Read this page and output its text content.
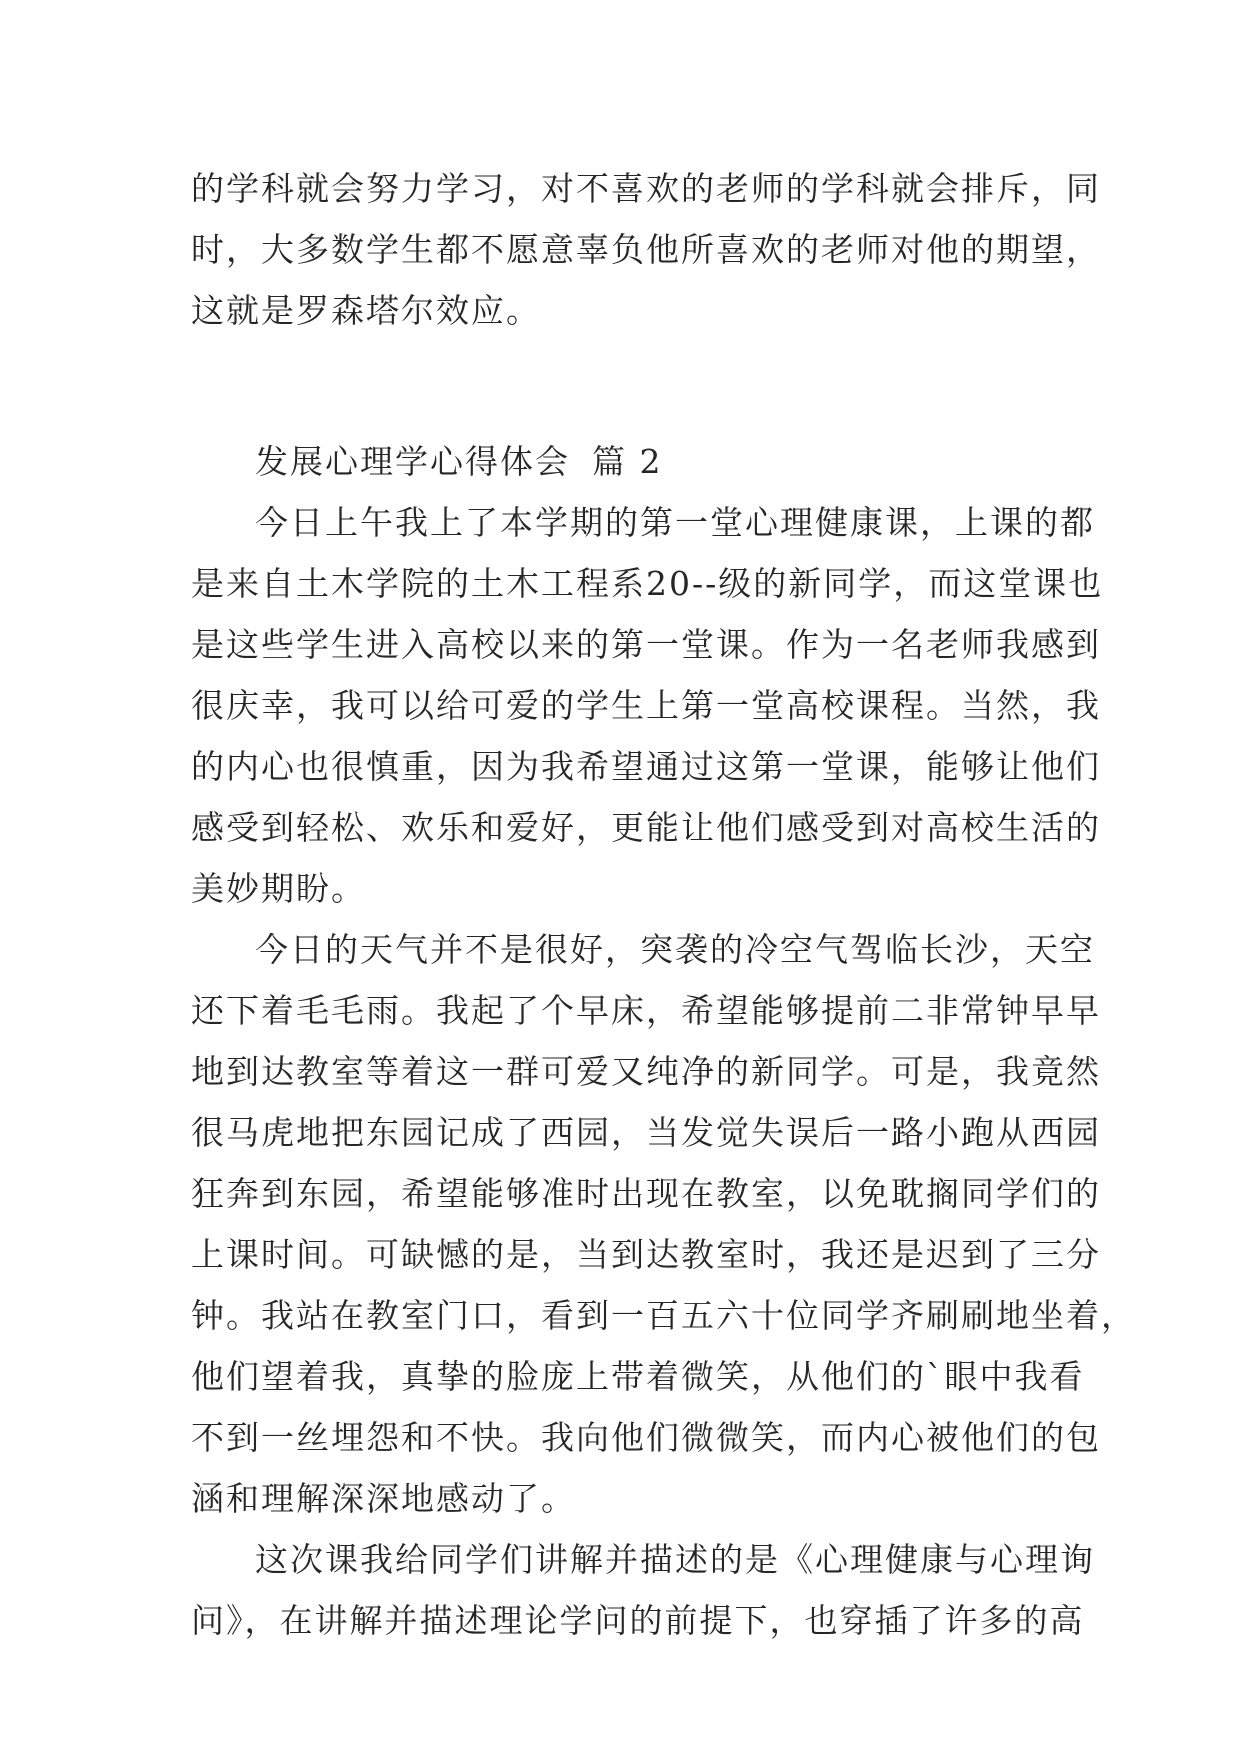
的学科就会努力学习，对不喜欢的老师的学科就会排斥，同
时，大多数学生都不愿意辜负他所喜欢的老师对他的期望，
这就是罗森塔尔效应。
发展心理学心得体会 篇 2
今日上午我上了本学期的第一堂心理健康课，上课的都
是来自土木学院的土木工程系20--级的新同学，而这堂课也
是这些学生进入高校以来的第一堂课。作为一名老师我感到
很庆幸，我可以给可爱的学生上第一堂高校课程。当然，我
的内心也很慎重，因为我希望通过这第一堂课，能够让他们
感受到轻松、欢乐和爱好，更能让他们感受到对高校生活的
美妙期盼。
今日的天气并不是很好，突袭的冷空气驾临长沙，天空
还下着毛毛雨。我起了个早床，希望能够提前二非常钟早早
地到达教室等着这一群可爱又纯净的新同学。可是，我竟然
很马虎地把东园记成了西园，当发觉失误后一路小跑从西园
狂奔到东园，希望能够准时出现在教室，以免耽搁同学们的
上课时间。可缺憾的是，当到达教室时，我还是迟到了三分
钟。我站在教室门口，看到一百五六十位同学齐刷刷地坐着，
他们望着我，真挚的脸庞上带着微笑，从他们的`眼中我看
不到一丝埋怨和不快。我向他们微微笑，而内心被他们的包
涵和理解深深地感动了。
这次课我给同学们讲解并描述的是《心理健康与心理询
问》，在讲解并描述理论学问的前提下，也穿插了许多的高
